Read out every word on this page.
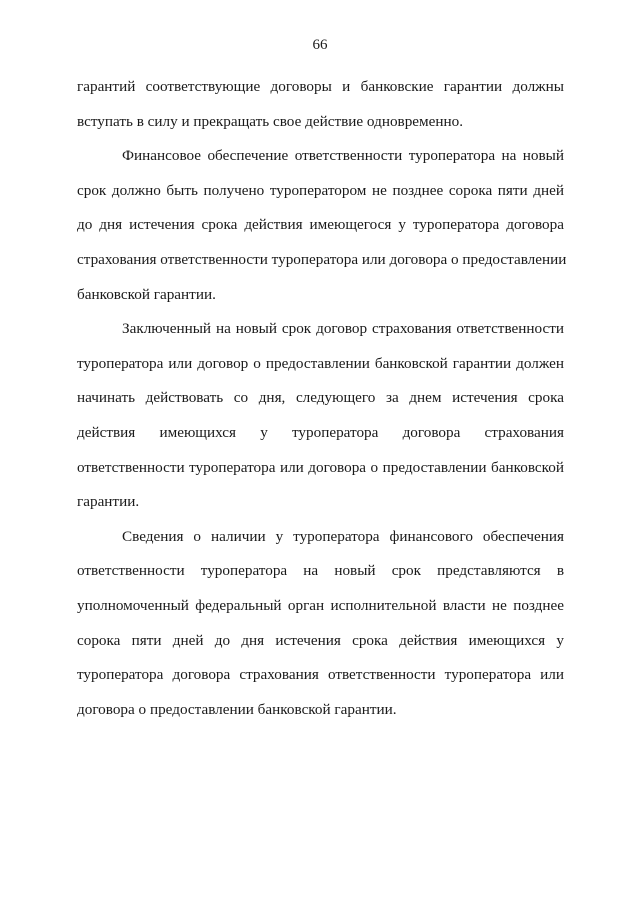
66
гарантий соответствующие договоры и банковские гарантии должны
вступать в силу и прекращать свое действие одновременно.
Финансовое обеспечение ответственности туроператора на новый
срок должно быть получено туроператором не позднее сорока пяти дней
до дня истечения срока действия имеющегося у туроператора договора
страхования ответственности туроператора или договора о предоставлении
банковской гарантии.
Заключенный на новый срок договор страхования ответственности
туроператора или договор о предоставлении банковской гарантии должен
начинать действовать со дня, следующего за днем истечения срока
действия имеющихся у туроператора договора страхования
ответственности туроператора или договора о предоставлении банковской
гарантии.
Сведения о наличии у туроператора финансового обеспечения
ответственности туроператора на новый срок представляются в
уполномоченный федеральный орган исполнительной власти не позднее
сорока пяти дней до дня истечения срока действия имеющихся у
туроператора договора страхования ответственности туроператора или
договора о предоставлении банковской гарантии.
